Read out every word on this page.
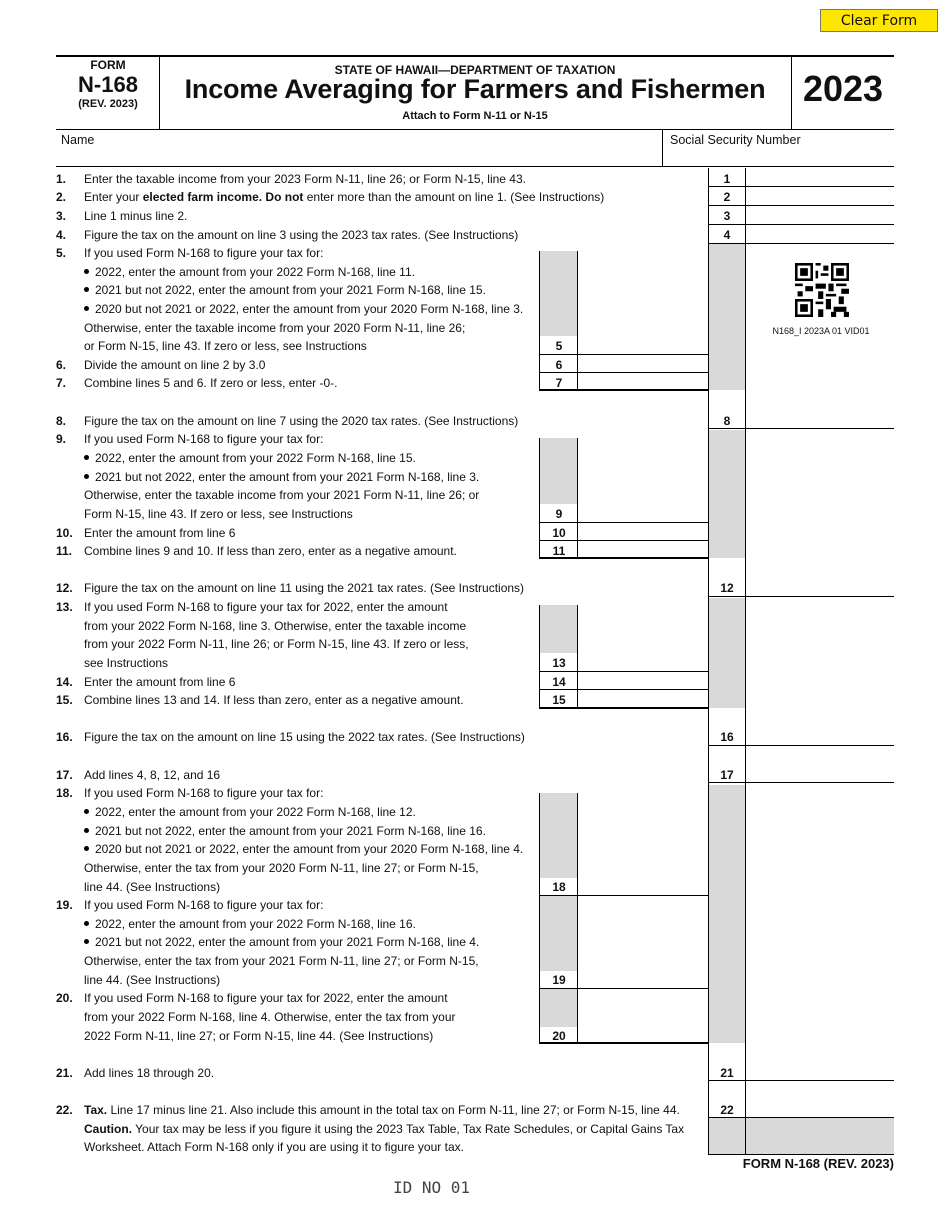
Clear Form
FORM
N-168
(REV. 2023)
STATE OF HAWAII—DEPARTMENT OF TAXATION
Income Averaging for Farmers and Fishermen
Attach to Form N-11 or N-15
2023
Name	Social Security Number
N168_I 2023A 01 VID01
1. Enter the taxable income from your 2023 Form N-11, line 26; or Form N-15, line 43.	1
2. Enter your elected farm income. Do not enter more than the amount on line 1. (See Instructions)	2
3. Line 1 minus line 2.	3
4. Figure the tax on the amount on line 3 using the 2023 tax rates. (See Instructions)	4
5. If you used Form N-168 to figure your tax for:
2022, enter the amount from your 2022 Form N-168, line 11.
2021 but not 2022, enter the amount from your 2021 Form N-168, line 15.
2020 but not 2021 or 2022, enter the amount from your 2020 Form N-168, line 3.
Otherwise, enter the taxable income from your 2020 Form N-11, line 26;
or Form N-15, line 43. If zero or less, see Instructions	5
6. Divide the amount on line 2 by 3.0	6
7. Combine lines 5 and 6. If zero or less, enter -0-.	7
8. Figure the tax on the amount on line 7 using the 2020 tax rates. (See Instructions)	8
9. If you used Form N-168 to figure your tax for:
2022, enter the amount from your 2022 Form N-168, line 15.
2021 but not 2022, enter the amount from your 2021 Form N-168, line 3.
Otherwise, enter the taxable income from your 2021 Form N-11, line 26; or
Form N-15, line 43. If zero or less, see Instructions	9
10. Enter the amount from line 6	10
11. Combine lines 9 and 10. If less than zero, enter as a negative amount.	11
12. Figure the tax on the amount on line 11 using the 2021 tax rates. (See Instructions)	12
13. If you used Form N-168 to figure your tax for 2022, enter the amount
from your 2022 Form N-168, line 3. Otherwise, enter the taxable income
from your 2022 Form N-11, line 26; or Form N-15, line 43. If zero or less,
see Instructions	13
14. Enter the amount from line 6	14
15. Combine lines 13 and 14. If less than zero, enter as a negative amount.	15
16. Figure the tax on the amount on line 15 using the 2022 tax rates. (See Instructions)	16
17. Add lines 4, 8, 12, and 16	17
18. If you used Form N-168 to figure your tax for:
2022, enter the amount from your 2022 Form N-168, line 12.
2021 but not 2022, enter the amount from your 2021 Form N-168, line 16.
2020 but not 2021 or 2022, enter the amount from your 2020 Form N-168, line 4.
Otherwise, enter the tax from your 2020 Form N-11, line 27; or Form N-15,
line 44. (See Instructions)	18
19. If you used Form N-168 to figure your tax for:
2022, enter the amount from your 2022 Form N-168, line 16.
2021 but not 2022, enter the amount from your 2021 Form N-168, line 4.
Otherwise, enter the tax from your 2021 Form N-11, line 27; or Form N-15,
line 44. (See Instructions)	19
20. If you used Form N-168 to figure your tax for 2022, enter the amount
from your 2022 Form N-168, line 4. Otherwise, enter the tax from your
2022 Form N-11, line 27; or Form N-15, line 44. (See Instructions)	20
21. Add lines 18 through 20.	21
22. Tax. Line 17 minus line 21. Also include this amount in the total tax on Form N-11, line 27; or Form N-15, line 44.
Caution. Your tax may be less if you figure it using the 2023 Tax Table, Tax Rate Schedules, or Capital Gains Tax
Worksheet. Attach Form N-168 only if you are using it to figure your tax.
22
FORM N-168 (REV. 2023)
ID NO 01
